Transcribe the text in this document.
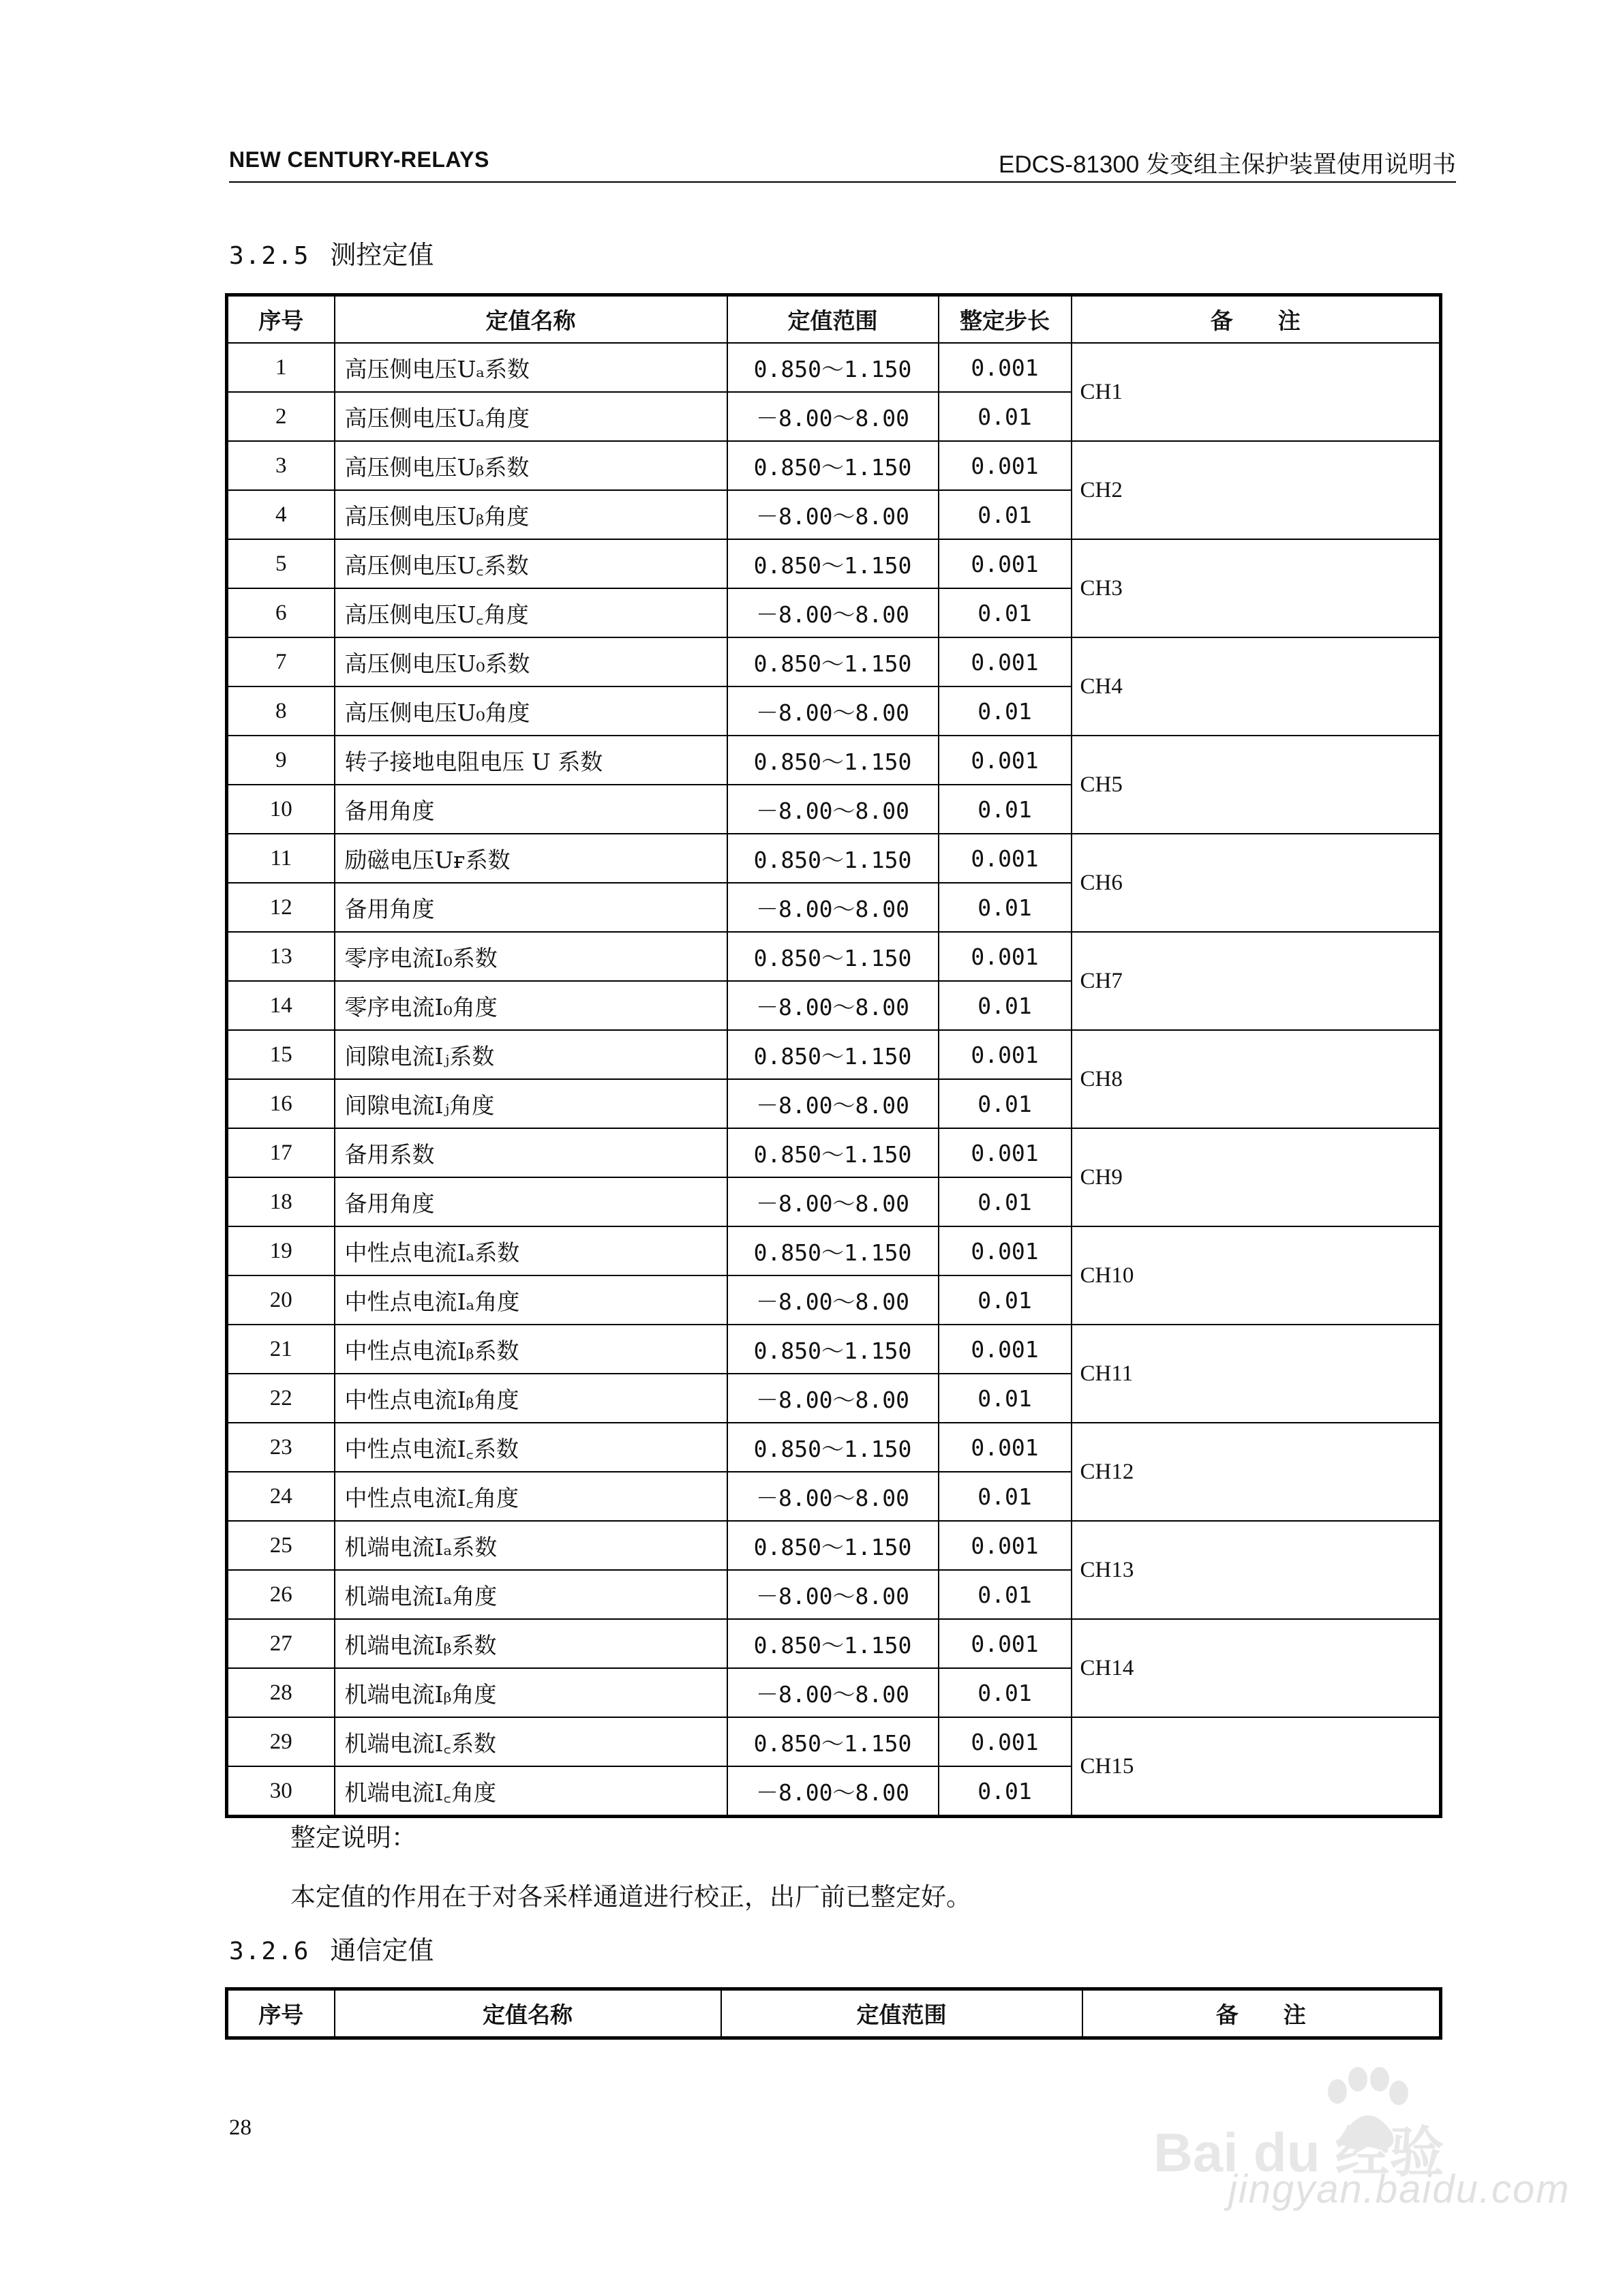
NEW CENTURY-RELAYS	EDCS-81300 发变组主保护装置使用说明书
3.2.5 测控定值
序号	定值名称	定值范围	整定步长	备　　注
1	高压侧电压Uₐ系数	0.850～1.150	0.001	CH1
2	高压侧电压Uₐ角度	－8.00～8.00	0.01	
3	高压侧电压Uᵦ系数	0.850～1.150	0.001	CH2
4	高压侧电压Uᵦ角度	－8.00～8.00	0.01	
5	高压侧电压U꜀系数	0.850～1.150	0.001	CH3
6	高压侧电压U꜀角度	－8.00～8.00	0.01	
7	高压侧电压U₀系数	0.850～1.150	0.001	CH4
8	高压侧电压U₀角度	－8.00～8.00	0.01	
9	转子接地电阻电压 U 系数	0.850～1.150	0.001	CH5
10	备用角度	－8.00～8.00	0.01	
11	励磁电压Uғ系数	0.850～1.150	0.001	CH6
12	备用角度	－8.00～8.00	0.01	
13	零序电流I₀系数	0.850～1.150	0.001	CH7
14	零序电流I₀角度	－8.00～8.00	0.01	
15	间隙电流Iⱼ系数	0.850～1.150	0.001	CH8
16	间隙电流Iⱼ角度	－8.00～8.00	0.01	
17	备用系数	0.850～1.150	0.001	CH9
18	备用角度	－8.00～8.00	0.01	
19	中性点电流Iₐ系数	0.850～1.150	0.001	CH10
20	中性点电流Iₐ角度	－8.00～8.00	0.01	
21	中性点电流Iᵦ系数	0.850～1.150	0.001	CH11
22	中性点电流Iᵦ角度	－8.00～8.00	0.01	
23	中性点电流I꜀系数	0.850～1.150	0.001	CH12
24	中性点电流I꜀角度	－8.00～8.00	0.01	
25	机端电流Iₐ系数	0.850～1.150	0.001	CH13
26	机端电流Iₐ角度	－8.00～8.00	0.01	
27	机端电流Iᵦ系数	0.850～1.150	0.001	CH14
28	机端电流Iᵦ角度	－8.00～8.00	0.01	
29	机端电流I꜀系数	0.850～1.150	0.001	CH15
30	机端电流I꜀角度	－8.00～8.00	0.01	
整定说明：
本定值的作用在于对各采样通道进行校正，出厂前已整定好。
3.2.6 通信定值
序号	定值名称	定值范围	备　　注
28	Bai du 经验
jingyan.baidu.com
